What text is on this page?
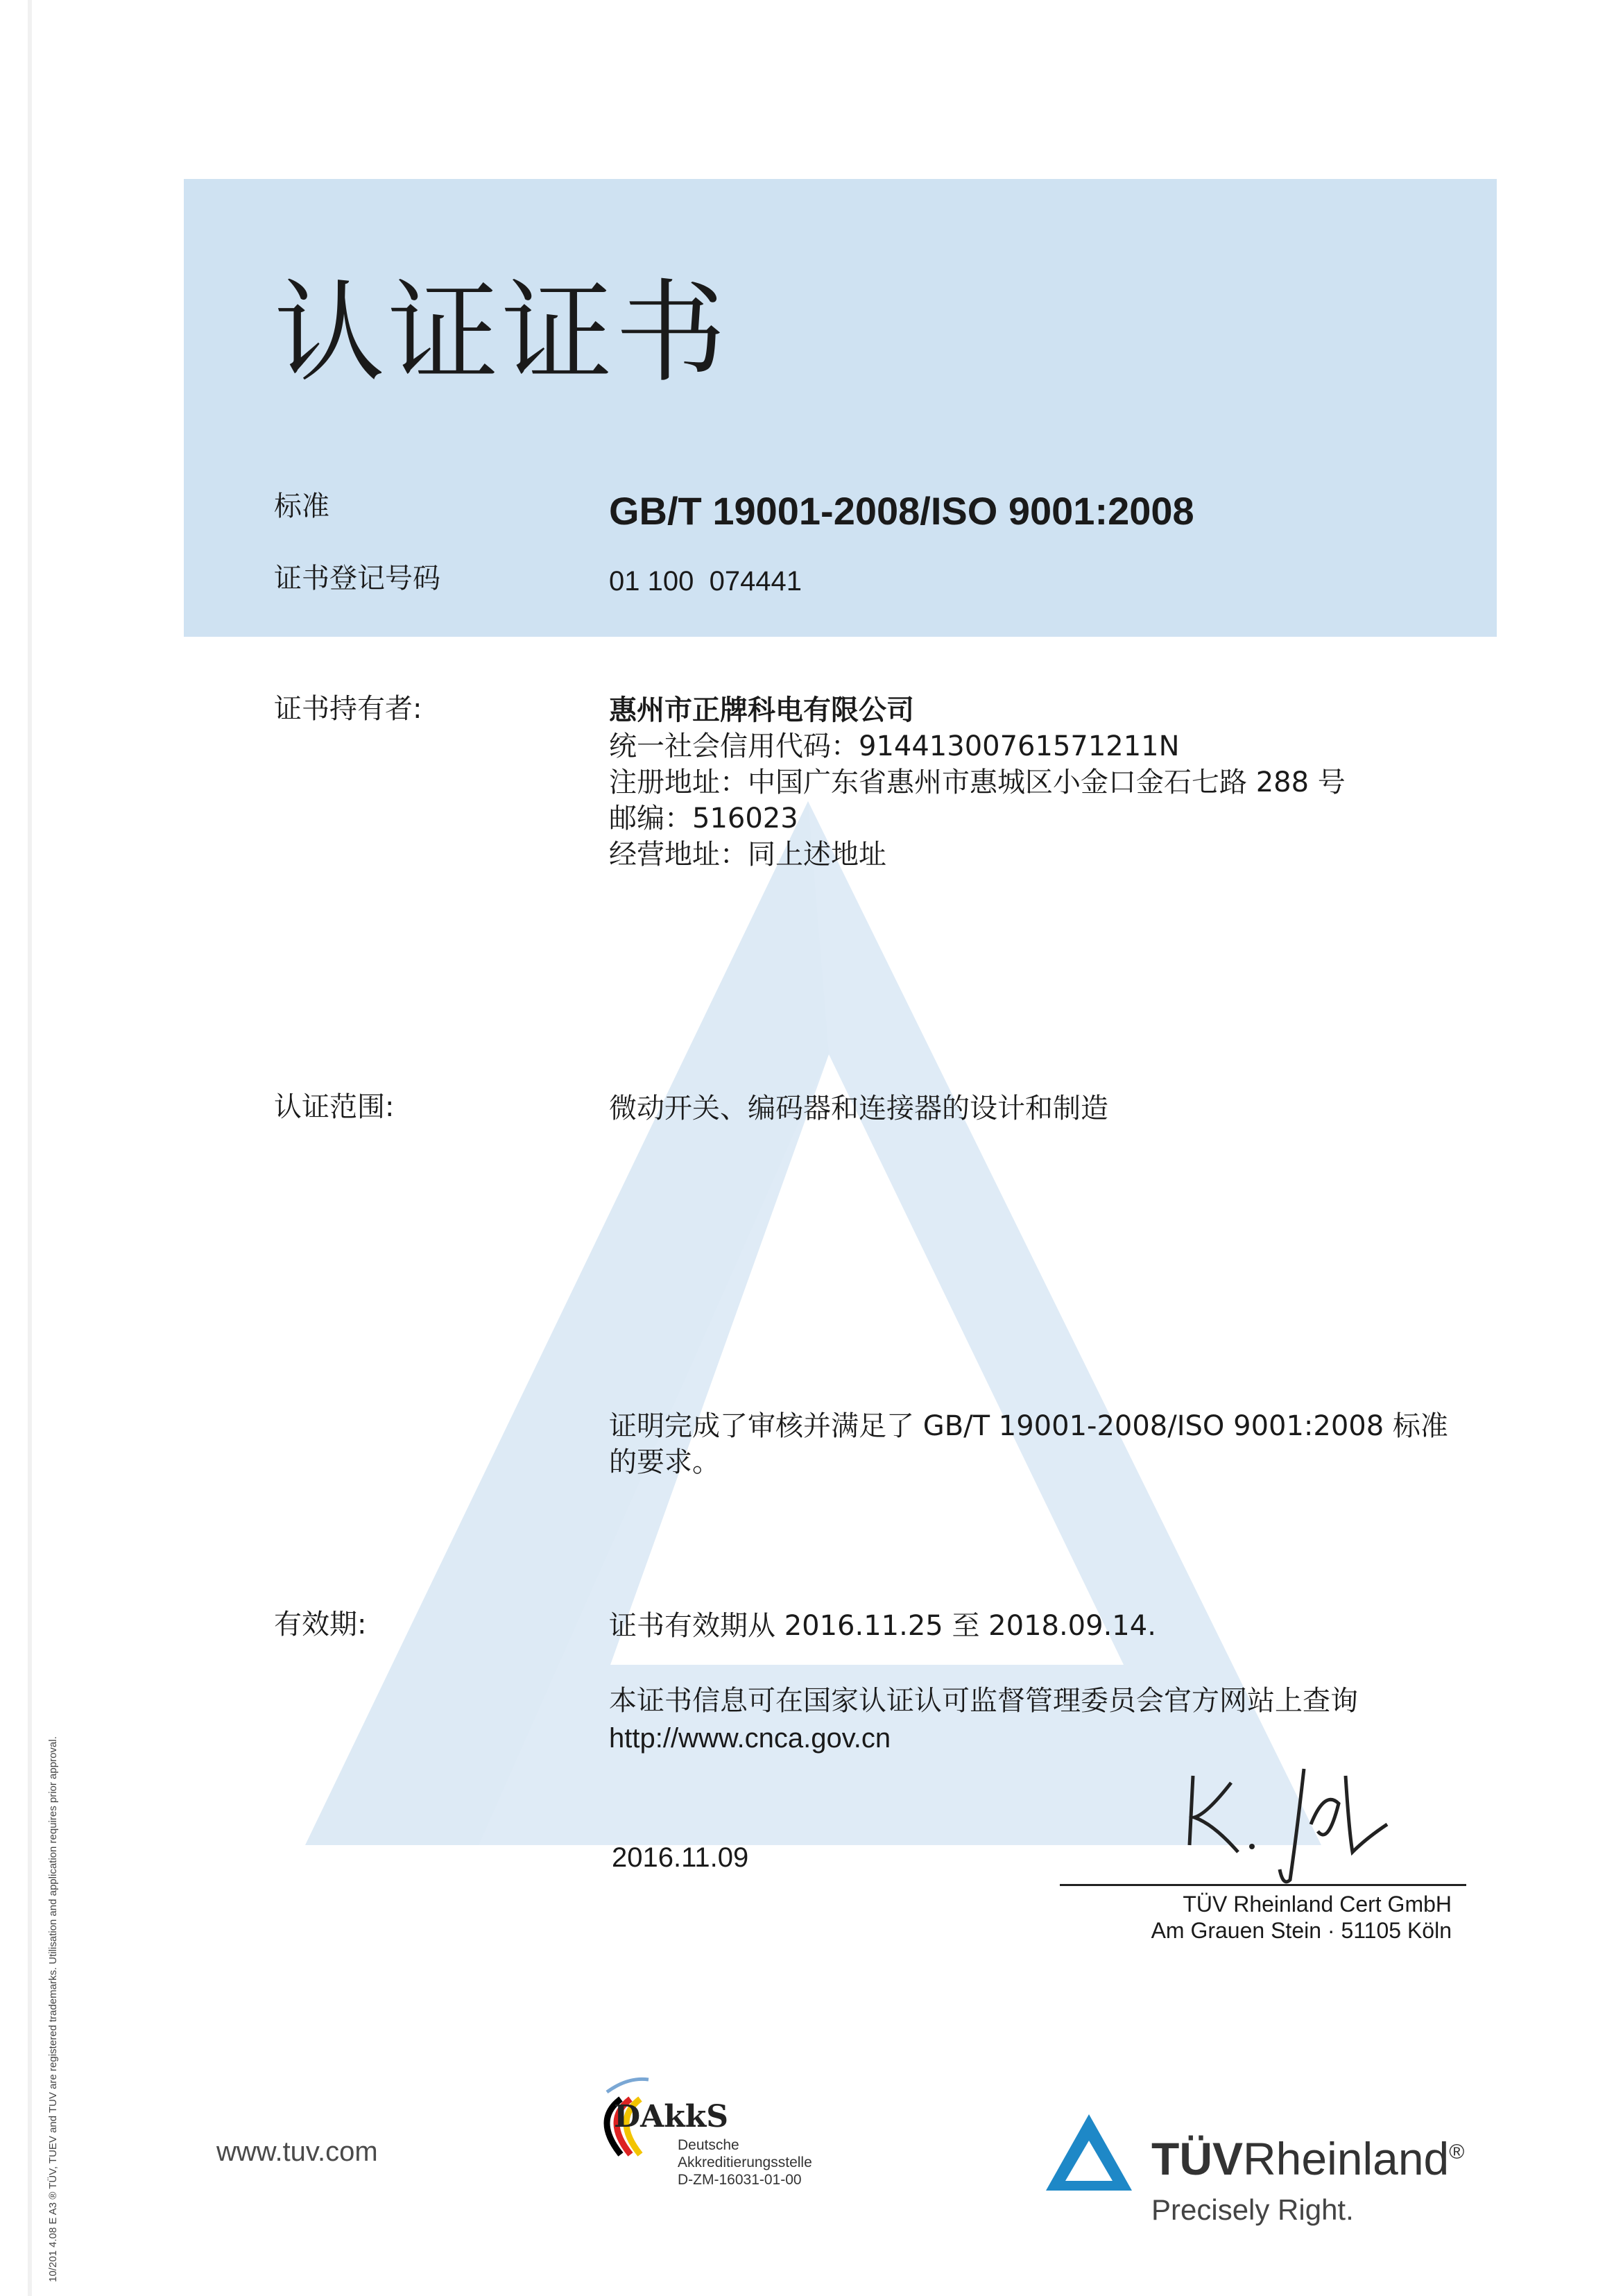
认证证书
标准	GB/T 19001-2008/ISO 9001:2008
证书登记号码	01 100  074441
证书持有者:	惠州市正牌科电有限公司
统一社会信用代码：91441300761571211N
注册地址：中国广东省惠州市惠城区小金口金石七路 288 号
邮编：516023
经营地址：同上述地址
认证范围:	微动开关、编码器和连接器的设计和制造
证明完成了审核并满足了 GB/T 19001-2008/ISO 9001:2008 标准
的要求。
有效期:	证书有效期从 2016.11.25 至 2018.09.14.
本证书信息可在国家认证认可监督管理委员会官方网站上查询
http://www.cnca.gov.cn
2016.11.09
TÜV Rheinland Cert GmbH
Am Grauen Stein · 51105 Köln
10/201 4.08 E A3 ® TÜV, TUEV and TUV are registered trademarks. Utilisation and application requires prior approval.	www.tuv.com
DAkkS
Deutsche
Akkreditierungsstelle
D-ZM-16031-01-00	TÜVRheinland®
Precisely Right.
